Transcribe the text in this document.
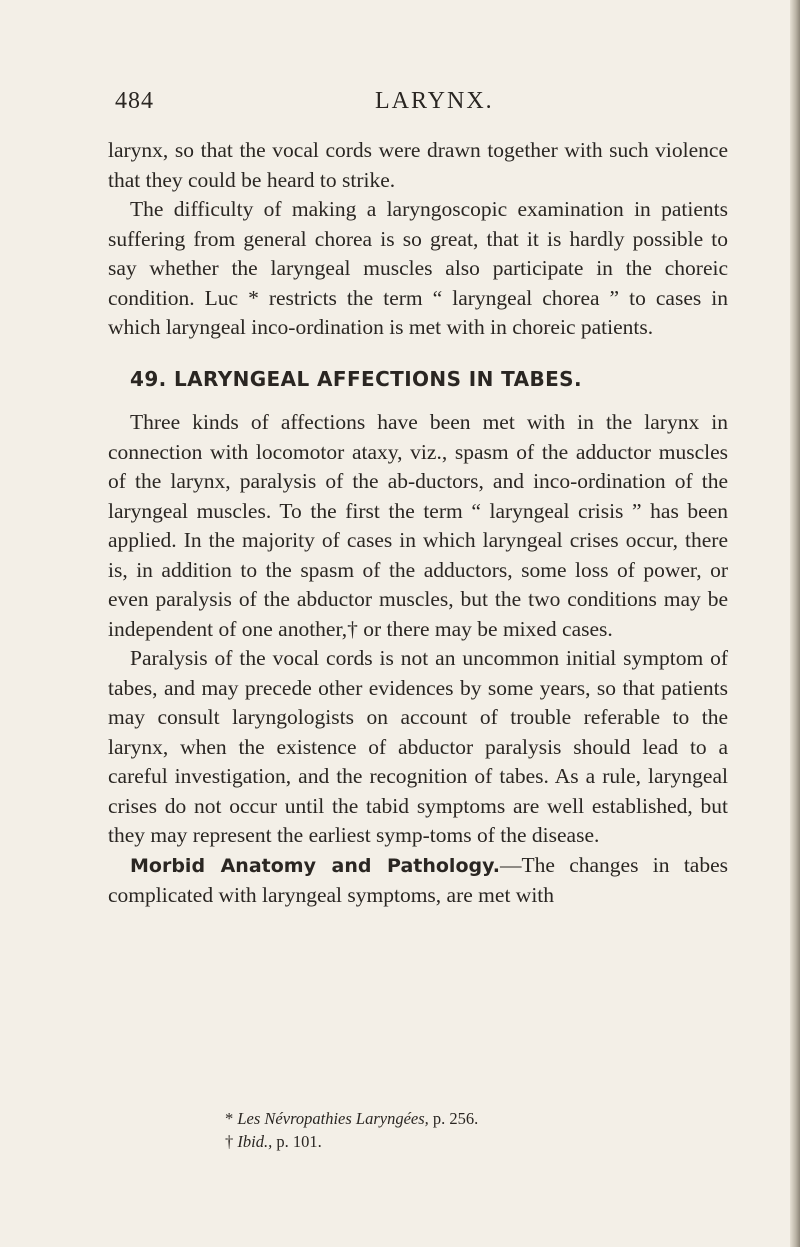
484	LARYNX.

larynx, so that the vocal cords were drawn together with such violence that they could be heard to strike.

The difficulty of making a laryngoscopic examination in patients suffering from general chorea is so great, that it is hardly possible to say whether the laryngeal muscles also participate in the choreic condition. Luc * restricts the term “ laryngeal chorea ” to cases in which laryngeal inco-ordination is met with in choreic patients.

49. LARYNGEAL AFFECTIONS IN TABES.

Three kinds of affections have been met with in the larynx in connection with locomotor ataxy, viz., spasm of the adductor muscles of the larynx, paralysis of the ab-ductors, and inco-ordination of the laryngeal muscles. To the first the term “ laryngeal crisis ” has been applied. In the majority of cases in which laryngeal crises occur, there is, in addition to the spasm of the adductors, some loss of power, or even paralysis of the abductor muscles, but the two conditions may be independent of one another,† or there may be mixed cases.

Paralysis of the vocal cords is not an uncommon initial symptom of tabes, and may precede other evidences by some years, so that patients may consult laryngologists on account of trouble referable to the larynx, when the existence of abductor paralysis should lead to a careful investigation, and the recognition of tabes. As a rule, laryngeal crises do not occur until the tabid symptoms are well established, but they may represent the earliest symp-toms of the disease.

Morbid Anatomy and Pathology.—The changes in tabes complicated with laryngeal symptoms, are met with

* Les Névropathies Laryngées, p. 256.

† Ibid., p. 101.
